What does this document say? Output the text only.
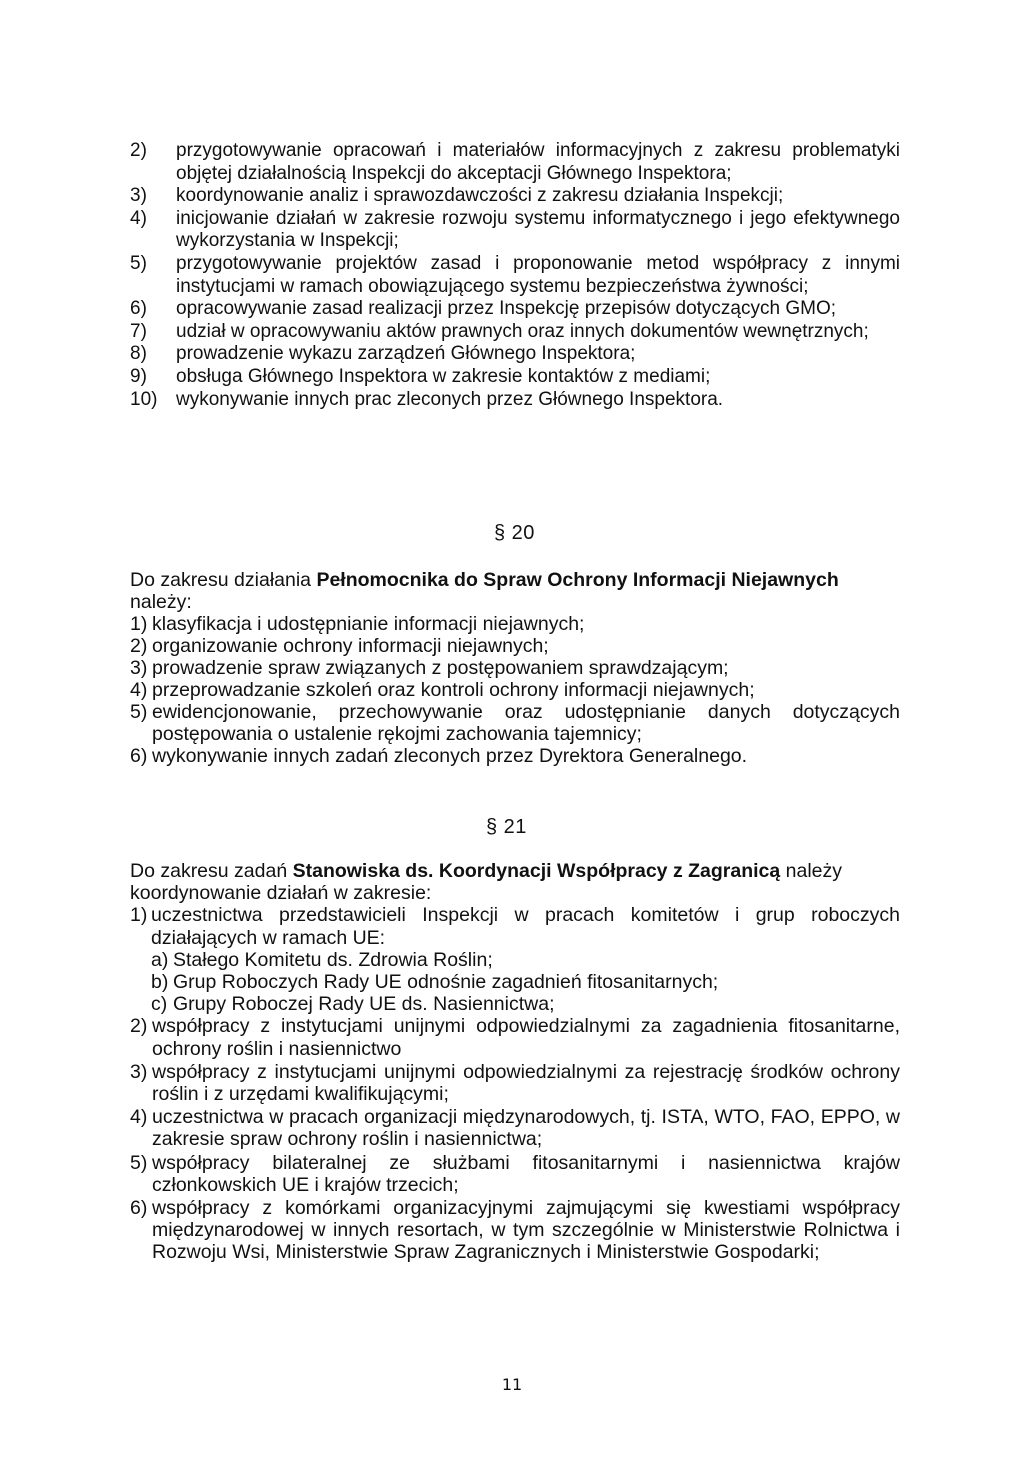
2) przygotowywanie opracowań i materiałów informacyjnych z zakresu problematyki objętej działalnością Inspekcji do akceptacji Głównego Inspektora;
3) koordynowanie analiz i sprawozdawczości z zakresu działania Inspekcji;
4) inicjowanie działań w zakresie rozwoju systemu informatycznego i jego efektywnego wykorzystania w Inspekcji;
5) przygotowywanie projektów zasad i proponowanie metod współpracy z innymi instytucjami w ramach obowiązującego systemu bezpieczeństwa żywności;
6) opracowywanie zasad realizacji przez Inspekcję przepisów dotyczących GMO;
7) udział w opracowywaniu aktów prawnych oraz innych dokumentów wewnętrznych;
8) prowadzenie wykazu zarządzeń Głównego Inspektora;
9) obsługa Głównego Inspektora w zakresie kontaktów z mediami;
10) wykonywanie innych prac zleconych przez Głównego Inspektora.
§ 20
Do zakresu działania Pełnomocnika do Spraw Ochrony Informacji Niejawnych
należy:
1) klasyfikacja i udostępnianie informacji niejawnych;
2) organizowanie ochrony informacji niejawnych;
3) prowadzenie spraw związanych z postępowaniem sprawdzającym;
4) przeprowadzanie szkoleń oraz kontroli ochrony informacji niejawnych;
5) ewidencjonowanie, przechowywanie oraz udostępnianie danych dotyczących postępowania o ustalenie rękojmi zachowania tajemnicy;
6) wykonywanie innych zadań zleconych przez Dyrektora Generalnego.
§ 21
Do zakresu zadań Stanowiska ds. Koordynacji Współpracy z Zagranicą należy koordynowanie działań w zakresie:
1) uczestnictwa przedstawicieli Inspekcji w pracach komitetów i grup roboczych działających w ramach UE:
a) Stałego Komitetu ds. Zdrowia Roślin;
b) Grup Roboczych Rady UE odnośnie zagadnień fitosanitarnych;
c) Grupy Roboczej Rady UE ds. Nasiennictwa;
2) współpracy z instytucjami unijnymi odpowiedzialnymi za zagadnienia fitosanitarne, ochrony roślin i nasiennictwo
3) współpracy z instytucjami unijnymi odpowiedzialnymi za rejestrację środków ochrony roślin i z urzędami kwalifikującymi;
4) uczestnictwa w pracach organizacji międzynarodowych, tj. ISTA, WTO, FAO, EPPO, w zakresie spraw ochrony roślin i nasiennictwa;
5) współpracy bilateralnej ze służbami fitosanitarnymi i nasiennictwa krajów członkowskich UE i krajów trzecich;
6) współpracy z komórkami organizacyjnymi zajmującymi się kwestiami współpracy międzynarodowej w innych resortach, w tym szczególnie w Ministerstwie Rolnictwa i Rozwoju Wsi, Ministerstwie Spraw Zagranicznych i Ministerstwie Gospodarki;
11
